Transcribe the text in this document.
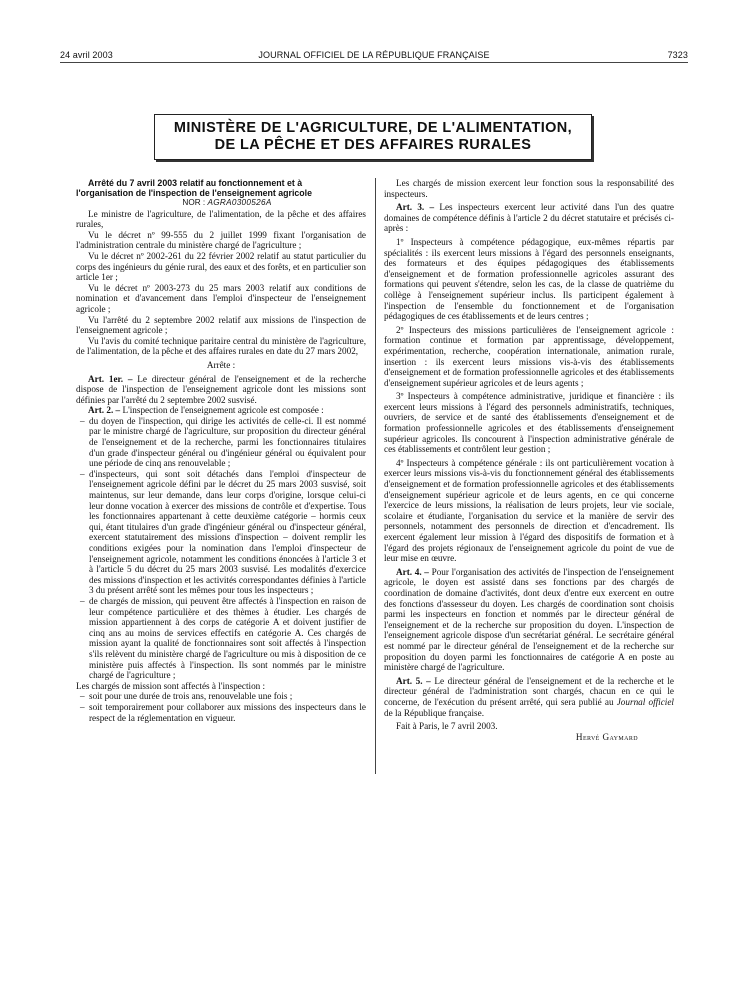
24 avril 2003	JOURNAL OFFICIEL DE LA RÉPUBLIQUE FRANÇAISE	7323
MINISTÈRE DE L'AGRICULTURE, DE L'ALIMENTATION,
DE LA PÊCHE ET DES AFFAIRES RURALES

Arrêté du 7 avril 2003 relatif au fonctionnement et à l'organisation de l'inspection de l'enseignement agricole

NOR : AGRA0300526A

Le ministre de l'agriculture, de l'alimentation, de la pêche et des affaires rurales,

Vu le décret nº 99-555 du 2 juillet 1999 fixant l'organisation de l'administration centrale du ministère chargé de l'agriculture ;

Vu le décret nº 2002-261 du 22 février 2002 relatif au statut particulier du corps des ingénieurs du génie rural, des eaux et des forêts, et en particulier son article 1er ;

Vu le décret nº 2003-273 du 25 mars 2003 relatif aux conditions de nomination et d'avancement dans l'emploi d'inspecteur de l'enseignement agricole ;

Vu l'arrêté du 2 septembre 2002 relatif aux missions de l'inspection de l'enseignement agricole ;

Vu l'avis du comité technique paritaire central du ministère de l'agriculture, de l'alimentation, de la pêche et des affaires rurales en date du 27 mars 2002,

Arrête :

Art. 1er. – Le directeur général de l'enseignement et de la recherche dispose de l'inspection de l'enseignement agricole dont les missions sont définies par l'arrêté du 2 septembre 2002 susvisé.

Art. 2. – L'inspection de l'enseignement agricole est composée :

– du doyen de l'inspection, qui dirige les activités de celle-ci. Il est nommé par le ministre chargé de l'agriculture, sur proposition du directeur général de l'enseignement et de la recherche, parmi les fonctionnaires titulaires d'un grade d'inspecteur général ou d'ingénieur général ou équivalent pour une période de cinq ans renouvelable ;
– d'inspecteurs, qui sont soit détachés dans l'emploi d'inspecteur de l'enseignement agricole défini par le décret du 25 mars 2003 susvisé, soit maintenus, sur leur demande, dans leur corps d'origine, lorsque celui-ci leur donne vocation à exercer des missions de contrôle et d'expertise. Tous les fonctionnaires appartenant à cette deuxième catégorie – hormis ceux qui, étant titulaires d'un grade d'ingénieur général ou d'inspecteur général, exercent statutairement des missions d'inspection – doivent remplir les conditions exigées pour la nomination dans l'emploi d'inspecteur de l'enseignement agricole, notamment les conditions énoncées à l'article 3 et à l'article 5 du décret du 25 mars 2003 susvisé. Les modalités d'exercice des missions d'inspection et les activités correspondantes définies à l'article 3 du présent arrêté sont les mêmes pour tous les inspecteurs ;
– de chargés de mission, qui peuvent être affectés à l'inspection en raison de leur compétence particulière et des thèmes à étudier. Les chargés de mission appartiennent à des corps de catégorie A et doivent justifier de cinq ans au moins de services effectifs en catégorie A. Ces chargés de mission ayant la qualité de fonctionnaires sont soit affectés à l'inspection s'ils relèvent du ministère chargé de l'agriculture ou mis à disposition de ce ministère puis affectés à l'inspection. Ils sont nommés par le ministre chargé de l'agriculture ;

Les chargés de mission sont affectés à l'inspection :

– soit pour une durée de trois ans, renouvelable une fois ;
– soit temporairement pour collaborer aux missions des inspecteurs dans le respect de la réglementation en vigueur.

Les chargés de mission exercent leur fonction sous la responsabilité des inspecteurs.

Art. 3. – Les inspecteurs exercent leur activité dans l'un des quatre domaines de compétence définis à l'article 2 du décret statutaire et précisés ci-après :

1º Inspecteurs à compétence pédagogique, eux-mêmes répartis par spécialités : ils exercent leurs missions à l'égard des personnels enseignants, des formateurs et des équipes pédagogiques des établissements d'enseignement et de formation professionnelle agricoles assurant des formations qui peuvent s'étendre, selon les cas, de la classe de quatrième du collège à l'enseignement supérieur inclus. Ils participent également à l'inspection de l'ensemble du fonctionnement et de l'organisation pédagogiques de ces établissements et de leurs centres ;

2º Inspecteurs des missions particulières de l'enseignement agricole : formation continue et formation par apprentissage, développement, expérimentation, recherche, coopération internationale, animation rurale, insertion : ils exercent leurs missions vis-à-vis des établissements d'enseignement et de formation professionnelle agricoles et des établissements d'enseignement supérieur agricoles et de leurs agents ;

3º Inspecteurs à compétence administrative, juridique et financière : ils exercent leurs missions à l'égard des personnels administratifs, techniques, ouvriers, de service et de santé des établissements d'enseignement et de formation professionnelle agricoles et des établissements d'enseignement supérieur agricoles. Ils concourent à l'inspection administrative générale de ces établissements et contrôlent leur gestion ;

4º Inspecteurs à compétence générale : ils ont particulièrement vocation à exercer leurs missions vis-à-vis du fonctionnement général des établissements d'enseignement et de formation professionnelle agricoles et des établissements d'enseignement supérieur agricole et de leurs agents, en ce qui concerne l'exercice de leurs missions, la réalisation de leurs projets, leur vie sociale, scolaire et étudiante, l'organisation du service et la manière de servir des personnels, notamment des personnels de direction et d'encadrement. Ils exercent également leur mission à l'égard des dispositifs de formation et à l'égard des projets régionaux de l'enseignement agricole du point de vue de leur mise en œuvre.

Art. 4. – Pour l'organisation des activités de l'inspection de l'enseignement agricole, le doyen est assisté dans ses fonctions par des chargés de coordination de domaine d'activités, dont deux d'entre eux exercent en outre des fonctions d'assesseur du doyen. Les chargés de coordination sont choisis parmi les inspecteurs en fonction et nommés par le directeur général de l'enseignement et de la recherche sur proposition du doyen. L'inspection de l'enseignement agricole dispose d'un secrétariat général. Le secrétaire général est nommé par le directeur général de l'enseignement et de la recherche sur proposition du doyen parmi les fonctionnaires de catégorie A en poste au ministère chargé de l'agriculture.

Art. 5. – Le directeur général de l'enseignement et de la recherche et le directeur général de l'administration sont chargés, chacun en ce qui le concerne, de l'exécution du présent arrêté, qui sera publié au Journal officiel de la République française.

Fait à Paris, le 7 avril 2003.

Hervé Gaymard
